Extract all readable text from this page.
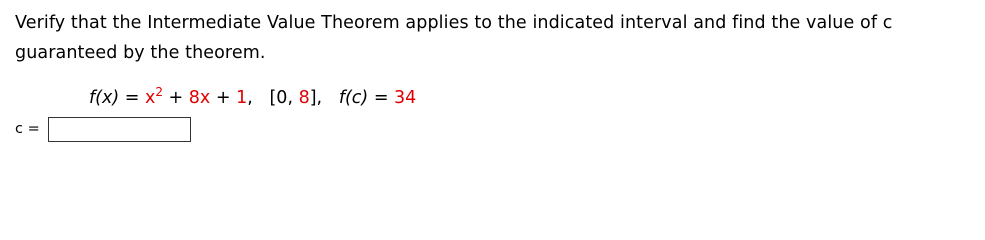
Verify that the Intermediate Value Theorem applies to the indicated interval and find the value of c guaranteed by the theorem.

$f(x) = x^2 + 8x + 1$,   [0, 8],   f(c) = 34
c =
